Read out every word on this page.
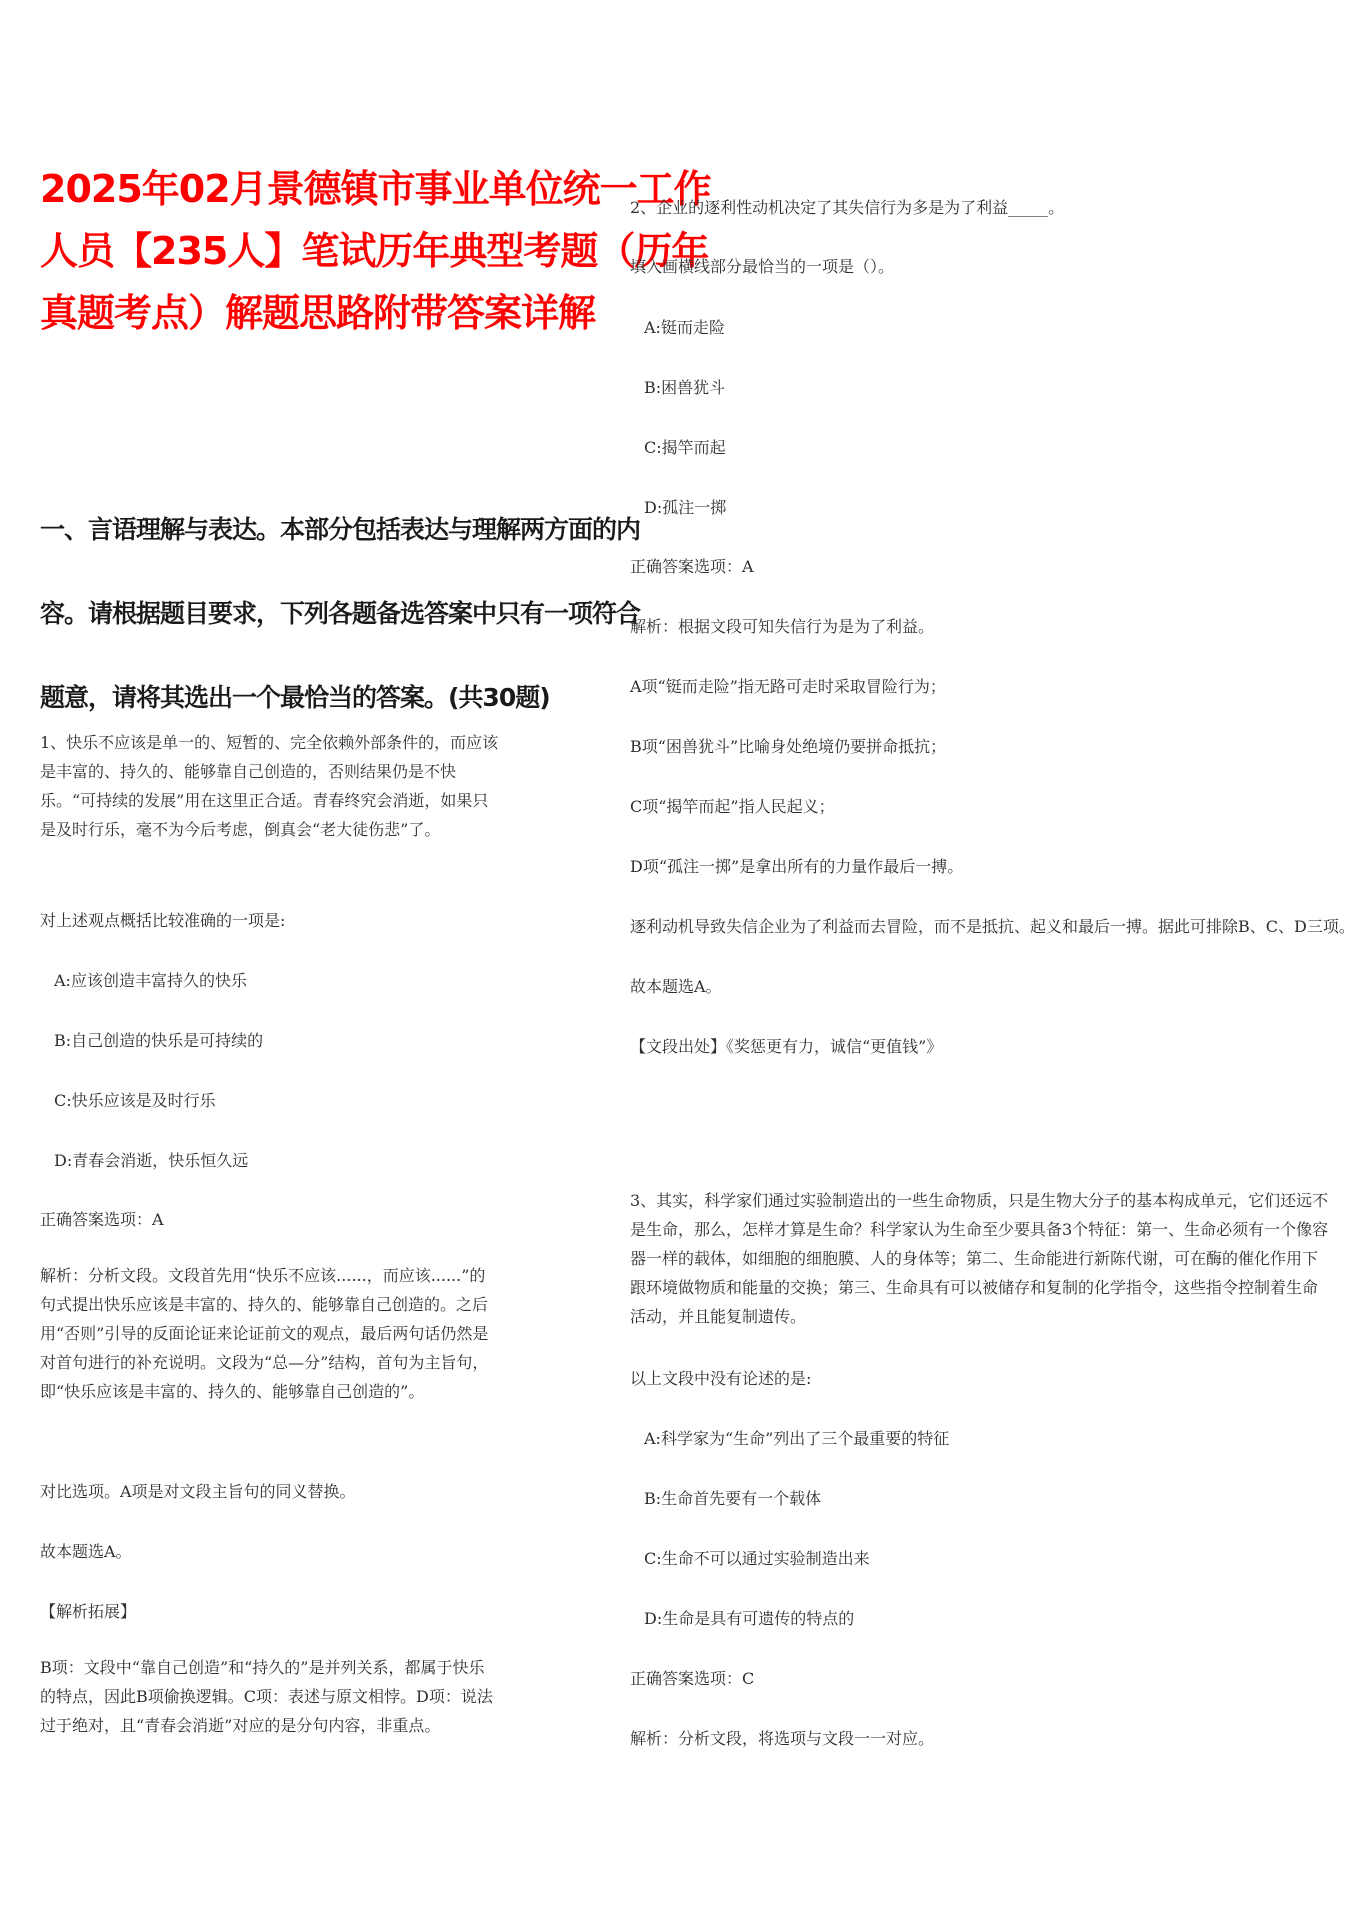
2025年02月景德镇市事业单位统一工作
人员【235人】笔试历年典型考题（历年
真题考点）解题思路附带答案详解
一、言语理解与表达。本部分包括表达与理解两方面的内
容。请根据题目要求，下列各题备选答案中只有一项符合
题意，请将其选出一个最恰当的答案。(共30题)
1、快乐不应该是单一的、短暂的、完全依赖外部条件的，而应该是丰富的、持久的、能够靠自己创造的，否则结果仍是不快乐。“可持续的发展”用在这里正合适。青春终究会消逝，如果只是及时行乐，毫不为今后考虑，倒真会“老大徒伤悲”了。
对上述观点概括比较准确的一项是:
A:应该创造丰富持久的快乐
B:自己创造的快乐是可持续的
C:快乐应该是及时行乐
D:青春会消逝，快乐恒久远
正确答案选项：A
解析：分析文段。文段首先用“快乐不应该......，而应该......”的句式提出快乐应该是丰富的、持久的、能够靠自己创造的。之后用“否则”引导的反面论证来论证前文的观点，最后两句话仍然是对首句进行的补充说明。文段为“总—分”结构，首句为主旨句，即“快乐应该是丰富的、持久的、能够靠自己创造的”。
对比选项。A项是对文段主旨句的同义替换。
故本题选A。
【解析拓展】
B项：文段中“靠自己创造”和“持久的”是并列关系，都属于快乐的特点，因此B项偷换逻辑。C项：表述与原文相悖。D项：说法过于绝对，且“青春会消逝”对应的是分句内容，非重点。
2、企业的逐利性动机决定了其失信行为多是为了利益_____。
填入画横线部分最恰当的一项是（）。
A:铤而走险
B:困兽犹斗
C:揭竿而起
D:孤注一掷
正确答案选项：A
解析：根据文段可知失信行为是为了利益。
A项“铤而走险”指无路可走时采取冒险行为；
B项“困兽犹斗”比喻身处绝境仍要拼命抵抗；
C项“揭竿而起”指人民起义；
D项“孤注一掷”是拿出所有的力量作最后一搏。
逐利动机导致失信企业为了利益而去冒险，而不是抵抗、起义和最后一搏。据此可排除B、C、D三项。
故本题选A。
【文段出处】《奖惩更有力，诚信“更值钱”》
3、其实，科学家们通过实验制造出的一些生命物质，只是生物大分子的基本构成单元，它们还远不是生命，那么，怎样才算是生命？科学家认为生命至少要具备3个特征：第一、生命必须有一个像容器一样的载体，如细胞的细胞膜、人的身体等；第二、生命能进行新陈代谢，可在酶的催化作用下跟环境做物质和能量的交换；第三、生命具有可以被储存和复制的化学指令，这些指令控制着生命活动，并且能复制遗传。
以上文段中没有论述的是:
A:科学家为“生命”列出了三个最重要的特征
B:生命首先要有一个载体
C:生命不可以通过实验制造出来
D:生命是具有可遗传的特点的
正确答案选项：C
解析：分析文段，将选项与文段一一对应。
